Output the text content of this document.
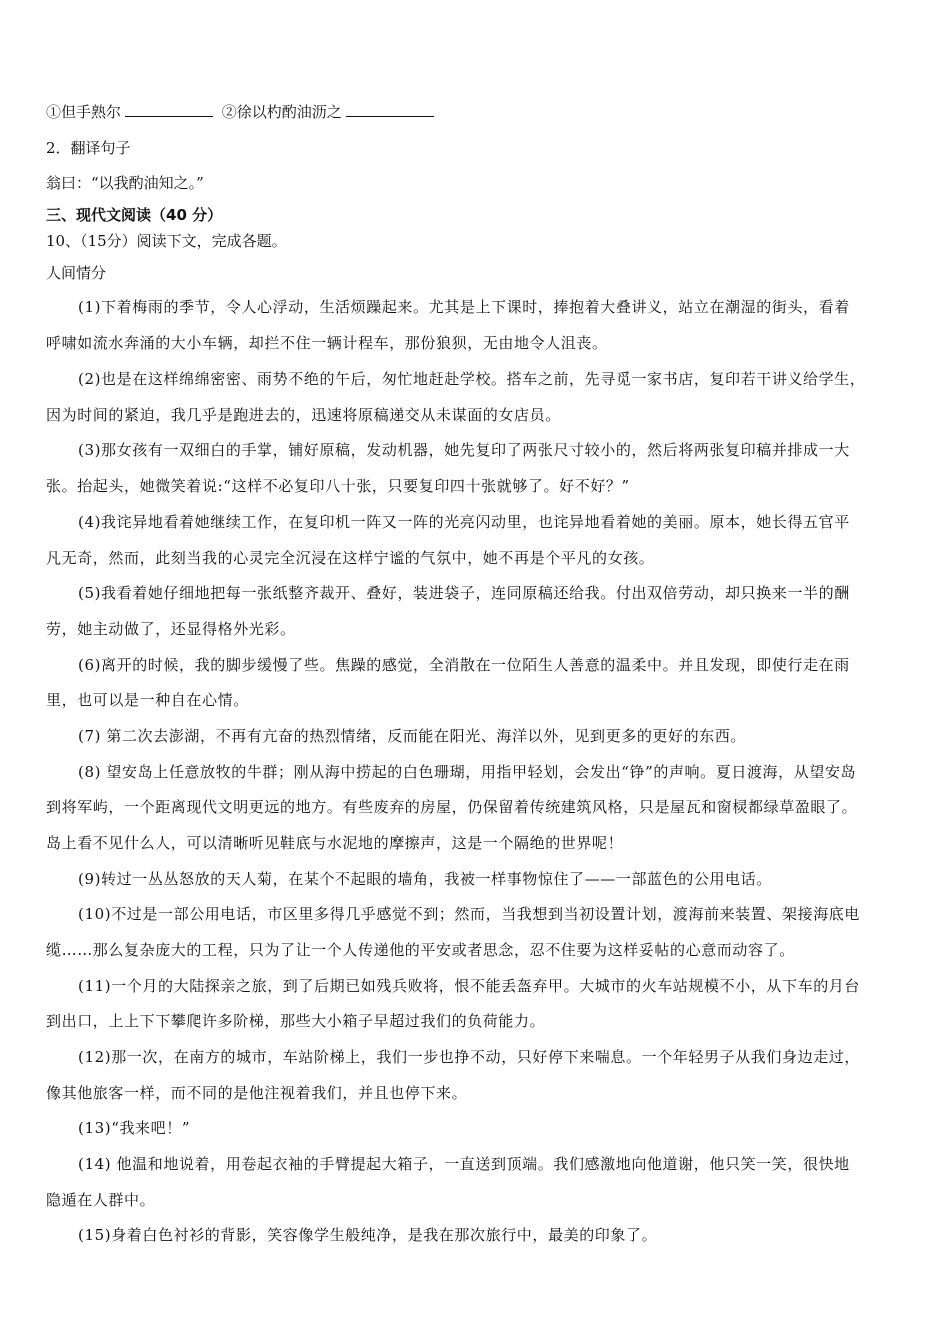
①但手熟尔	②徐以杓酌油沥之
2．翻译句子
翁曰：“以我酌油知之。”
三、现代文阅读（40 分）
10、（15分）阅读下文，完成各题。
人间情分
(1)下着梅雨的季节，令人心浮动，生活烦躁起来。尤其是上下课时，捧抱着大叠讲义，站立在潮湿的街头，看着
呼啸如流水奔涌的大小车辆，却拦不住一辆计程车，那份狼狈，无由地令人沮丧。
(2)也是在这样绵绵密密、雨势不绝的午后，匆忙地赶赴学校。搭车之前，先寻觅一家书店，复印若干讲义给学生，
因为时间的紧迫，我几乎是跑进去的，迅速将原稿递交从未谋面的女店员。
(3)那女孩有一双细白的手掌，铺好原稿，发动机器，她先复印了两张尺寸较小的，然后将两张复印稿并排成一大
张。抬起头，她微笑着说:“这样不必复印八十张，只要复印四十张就够了。好不好？”
(4)我诧异地看着她继续工作，在复印机一阵又一阵的光亮闪动里，也诧异地看着她的美丽。原本，她长得五官平
凡无奇，然而，此刻当我的心灵完全沉浸在这样宁谧的气氛中，她不再是个平凡的女孩。
(5)我看着她仔细地把每一张纸整齐裁开、叠好，装进袋子，连同原稿还给我。付出双倍劳动，却只换来一半的酬
劳，她主动做了，还显得格外光彩。
(6)离开的时候，我的脚步缓慢了些。焦躁的感觉，全消散在一位陌生人善意的温柔中。并且发现，即使行走在雨
里，也可以是一种自在心情。
(7) 第二次去澎湖，不再有亢奋的热烈情绪，反而能在阳光、海洋以外，见到更多的更好的东西。
(8) 望安岛上任意放牧的牛群；刚从海中捞起的白色珊瑚，用指甲轻划，会发出“铮”的声响。夏日渡海，从望安岛
到将军屿，一个距离现代文明更远的地方。有些废弃的房屋，仍保留着传统建筑风格，只是屋瓦和窗棂都绿草盈眼了。
岛上看不见什么人，可以清晰听见鞋底与水泥地的摩擦声，这是一个隔绝的世界呢！
(9)转过一丛丛怒放的天人菊，在某个不起眼的墙角，我被一样事物惊住了——一部蓝色的公用电话。
(10)不过是一部公用电话，市区里多得几乎感觉不到；然而，当我想到当初设置计划，渡海前来装置、架接海底电
缆……那么复杂庞大的工程，只为了让一个人传递他的平安或者思念，忍不住要为这样妥帖的心意而动容了。
(11)一个月的大陆探亲之旅，到了后期已如残兵败将，恨不能丢盔弃甲。大城市的火车站规模不小，从下车的月台
到出口，上上下下攀爬许多阶梯，那些大小箱子早超过我们的负荷能力。
(12)那一次，在南方的城市，车站阶梯上，我们一步也挣不动，只好停下来喘息。一个年轻男子从我们身边走过，
像其他旅客一样，而不同的是他注视着我们，并且也停下来。
(13)“我来吧！”
(14) 他温和地说着，用卷起衣袖的手臂提起大箱子，一直送到顶端。我们感激地向他道谢，他只笑一笑，很快地
隐遁在人群中。
(15)身着白色衬衫的背影，笑容像学生般纯净，是我在那次旅行中，最美的印象了。
